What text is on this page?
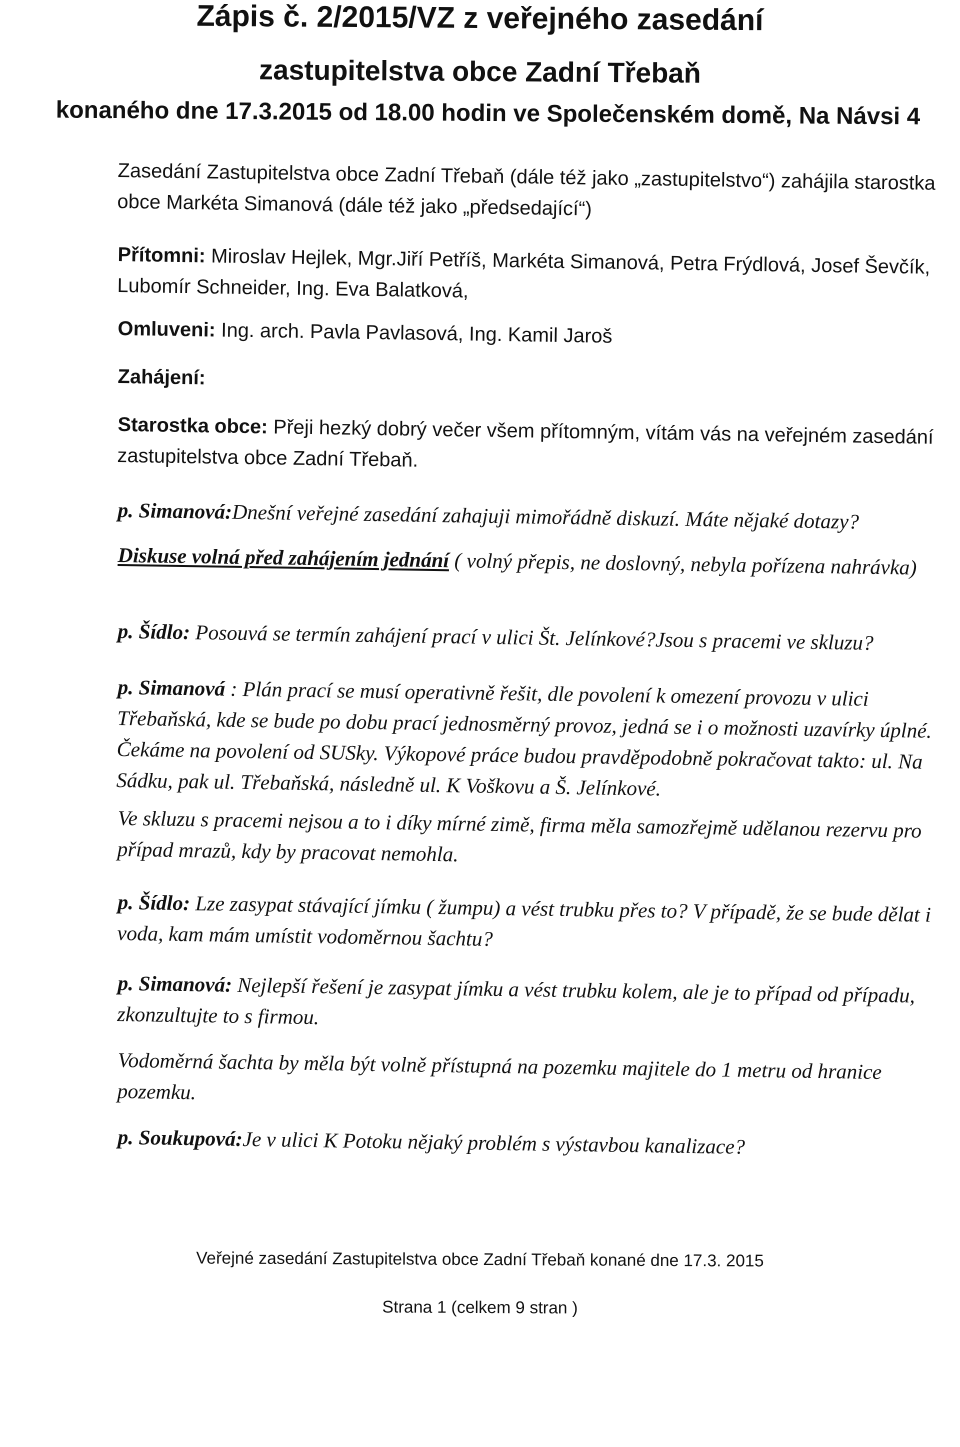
Zápis č. 2/2015/VZ z veřejného zasedání
zastupitelstva obce Zadní Třebaň
konaného dne 17.3.2015 od 18.00 hodin ve Společenském domě, Na Návsi 4
Zasedání Zastupitelstva obce Zadní Třebaň (dále též jako „zastupitelstvo“) zahájila starostka obce Markéta Simanová (dále též jako „předsedající“)
Přítomni: Miroslav Hejlek, Mgr.Jiří Petříš, Markéta Simanová, Petra Frýdlová, Josef Ševčík, Lubomír Schneider, Ing. Eva Balatková,
Omluveni: Ing. arch. Pavla Pavlasová, Ing. Kamil Jaroš
Zahájení:
Starostka obce: Přeji hezký dobrý večer všem přítomným, vítám vás na veřejném zasedání zastupitelstva obce Zadní Třebaň.
p. Simanová:Dnešní veřejné zasedání zahajuji mimořádně diskuzí. Máte nějaké dotazy?
Diskuse volná před zahájením jednání ( volný přepis, ne doslovný, nebyla pořízena nahrávka)
p. Šídlo: Posouvá se termín zahájení prací v ulici Št. Jelínkové?Jsou s pracemi ve skluzu?
p. Simanová : Plán prací se musí operativně řešit, dle povolení k omezení provozu v ulici Třebaňská, kde se bude po dobu prací jednosměrný provoz, jedná se i o možnosti uzavírky úplné. Čekáme na povolení od SUSky. Výkopové práce budou pravděpodobně pokračovat takto: ul. Na Sádku, pak ul. Třebaňská, následně ul. K Voškovu a Š. Jelínkové.
Ve skluzu s pracemi nejsou a to i díky mírné zimě, firma měla samozřejmě udělanou rezervu pro případ mrazů, kdy by pracovat nemohla.
p. Šídlo: Lze zasypat stávající jímku ( žumpu) a vést trubku přes to? V případě, že se bude dělat i voda, kam mám umístit vodoměrnou šachtu?
p. Simanová: Nejlepší řešení je zasypat jímku a vést trubku kolem, ale je to případ od případu, zkonzultujte to s firmou.
Vodoměrná šachta by měla být volně přístupná na pozemku majitele do 1 metru od hranice pozemku.
p. Soukupová:Je v ulici K Potoku nějaký problém s výstavbou kanalizace?
Veřejné zasedání Zastupitelstva obce Zadní Třebaň konané dne 17.3. 2015
Strana 1 (celkem 9 stran )
